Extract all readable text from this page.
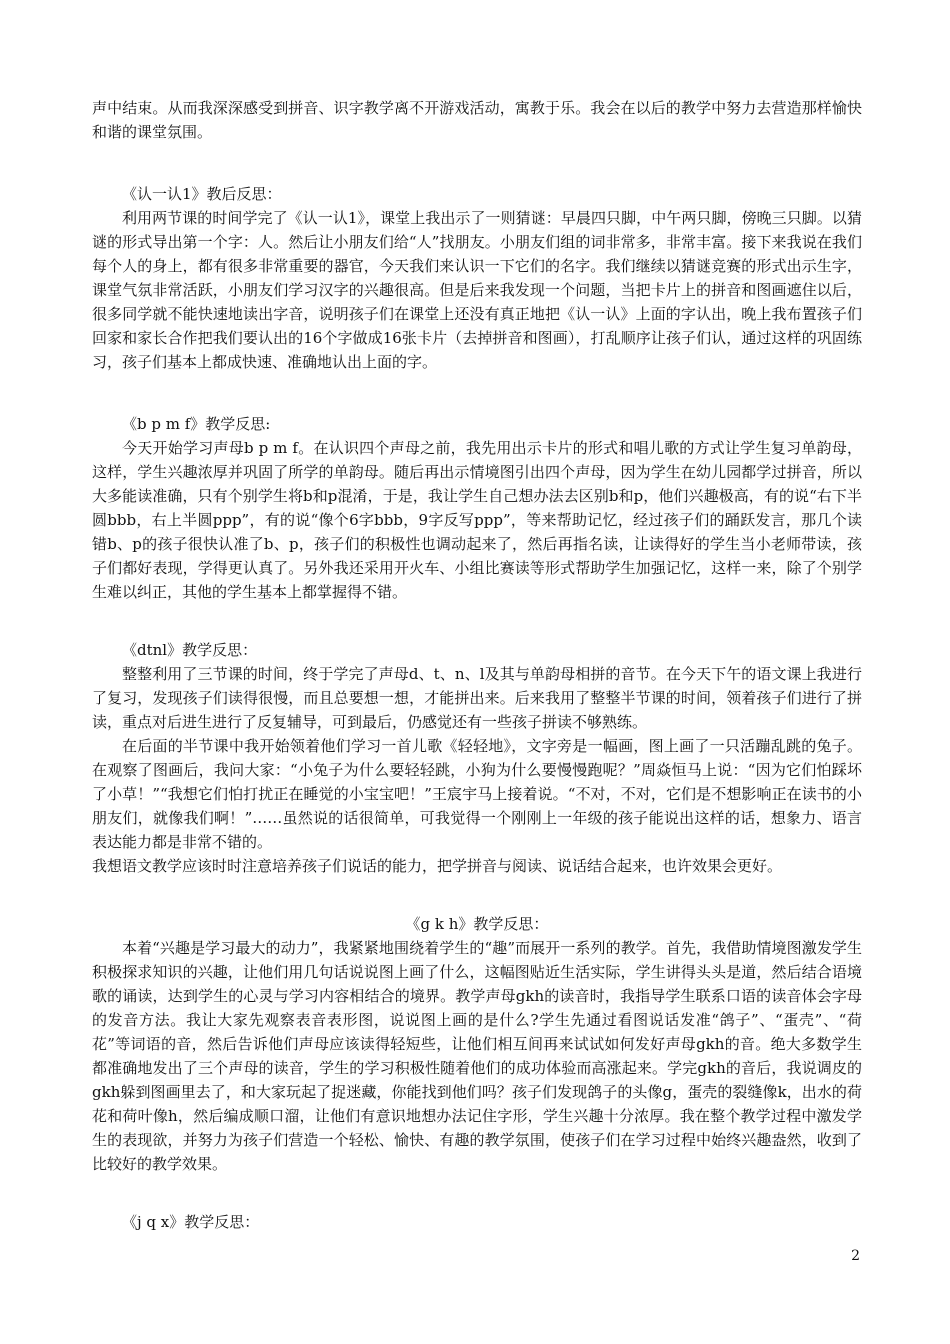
声中结束。从而我深深感受到拼音、识字教学离不开游戏活动，寓教于乐。我会在以后的教学中努力去营造那样愉快和谐的课堂氛围。

《认一认1》教后反思：

利用两节课的时间学完了《认一认1》，课堂上我出示了一则猜谜：早晨四只脚，中午两只脚，傍晚三只脚。以猜谜的形式导出第一个字：人。然后让小朋友们给“人”找朋友。小朋友们组的词非常多，非常丰富。接下来我说在我们每个人的身上，都有很多非常重要的器官，今天我们来认识一下它们的名字。我们继续以猜谜竞赛的形式出示生字，课堂气氛非常活跃，小朋友们学习汉字的兴趣很高。但是后来我发现一个问题，当把卡片上的拼音和图画遮住以后，很多同学就不能快速地读出字音，说明孩子们在课堂上还没有真正地把《认一认》上面的字认出，晚上我布置孩子们回家和家长合作把我们要认出的16个字做成16张卡片（去掉拼音和图画），打乱顺序让孩子们认，通过这样的巩固练习，孩子们基本上都成快速、准确地认出上面的字。

《b p m f》教学反思:

今天开始学习声母b p m f。在认识四个声母之前，我先用出示卡片的形式和唱儿歌的方式让学生复习单韵母，这样，学生兴趣浓厚并巩固了所学的单韵母。随后再出示情境图引出四个声母，因为学生在幼儿园都学过拼音，所以大多能读准确，只有个别学生将b和p混淆，于是，我让学生自己想办法去区别b和p，他们兴趣极高，有的说“右下半圆bbb，右上半圆ppp”，有的说“像个6字bbb，9字反写ppp”，等来帮助记忆，经过孩子们的踊跃发言，那几个读错b、p的孩子很快认准了b、p，孩子们的积极性也调动起来了，然后再指名读，让读得好的学生当小老师带读，孩子们都好表现，学得更认真了。另外我还采用开火车、小组比赛读等形式帮助学生加强记忆，这样一来，除了个别学生难以纠正，其他的学生基本上都掌握得不错。

《dtnl》教学反思：

整整利用了三节课的时间，终于学完了声母d、t、n、l及其与单韵母相拼的音节。在今天下午的语文课上我进行了复习，发现孩子们读得很慢，而且总要想一想，才能拼出来。后来我用了整整半节课的时间，领着孩子们进行了拼读，重点对后进生进行了反复辅导，可到最后，仍感觉还有一些孩子拼读不够熟练。

在后面的半节课中我开始领着他们学习一首儿歌《轻轻地》，文字旁是一幅画，图上画了一只活蹦乱跳的兔子。在观察了图画后，我问大家：“小兔子为什么要轻轻跳，小狗为什么要慢慢跑呢？”周焱恒马上说：“因为它们怕踩坏了小草！”“我想它们怕打扰正在睡觉的小宝宝吧！”王宸宇马上接着说。“不对，不对，它们是不想影响正在读书的小朋友们，就像我们啊！”……虽然说的话很简单，可我觉得一个刚刚上一年级的孩子能说出这样的话，想象力、语言表达能力都是非常不错的。

我想语文教学应该时时注意培养孩子们说话的能力，把学拼音与阅读、说话结合起来，也许效果会更好。

《g k h》教学反思：

本着“兴趣是学习最大的动力”，我紧紧地围绕着学生的“趣”而展开一系列的教学。首先，我借助情境图激发学生积极探求知识的兴趣，让他们用几句话说说图上画了什么，这幅图贴近生活实际，学生讲得头头是道，然后结合语境歌的诵读，达到学生的心灵与学习内容相结合的境界。教学声母gkh的读音时，我指导学生联系口语的读音体会字母的发音方法。我让大家先观察表音表形图，说说图上画的是什么?学生先通过看图说话发准“鸽子”、“蛋壳”、“荷花”等词语的音，然后告诉他们声母应该读得轻短些，让他们相互间再来试试如何发好声母gkh的音。绝大多数学生都准确地发出了三个声母的读音，学生的学习积极性随着他们的成功体验而高涨起来。学完gkh的音后，我说调皮的gkh躲到图画里去了，和大家玩起了捉迷藏，你能找到他们吗？孩子们发现鸽子的头像g，蛋壳的裂缝像k，出水的荷花和荷叶像h，然后编成顺口溜，让他们有意识地想办法记住字形，学生兴趣十分浓厚。我在整个教学过程中激发学生的表现欲，并努力为孩子们营造一个轻松、愉快、有趣的教学氛围，使孩子们在学习过程中始终兴趣盎然，收到了比较好的教学效果。

《j q x》教学反思：

2
